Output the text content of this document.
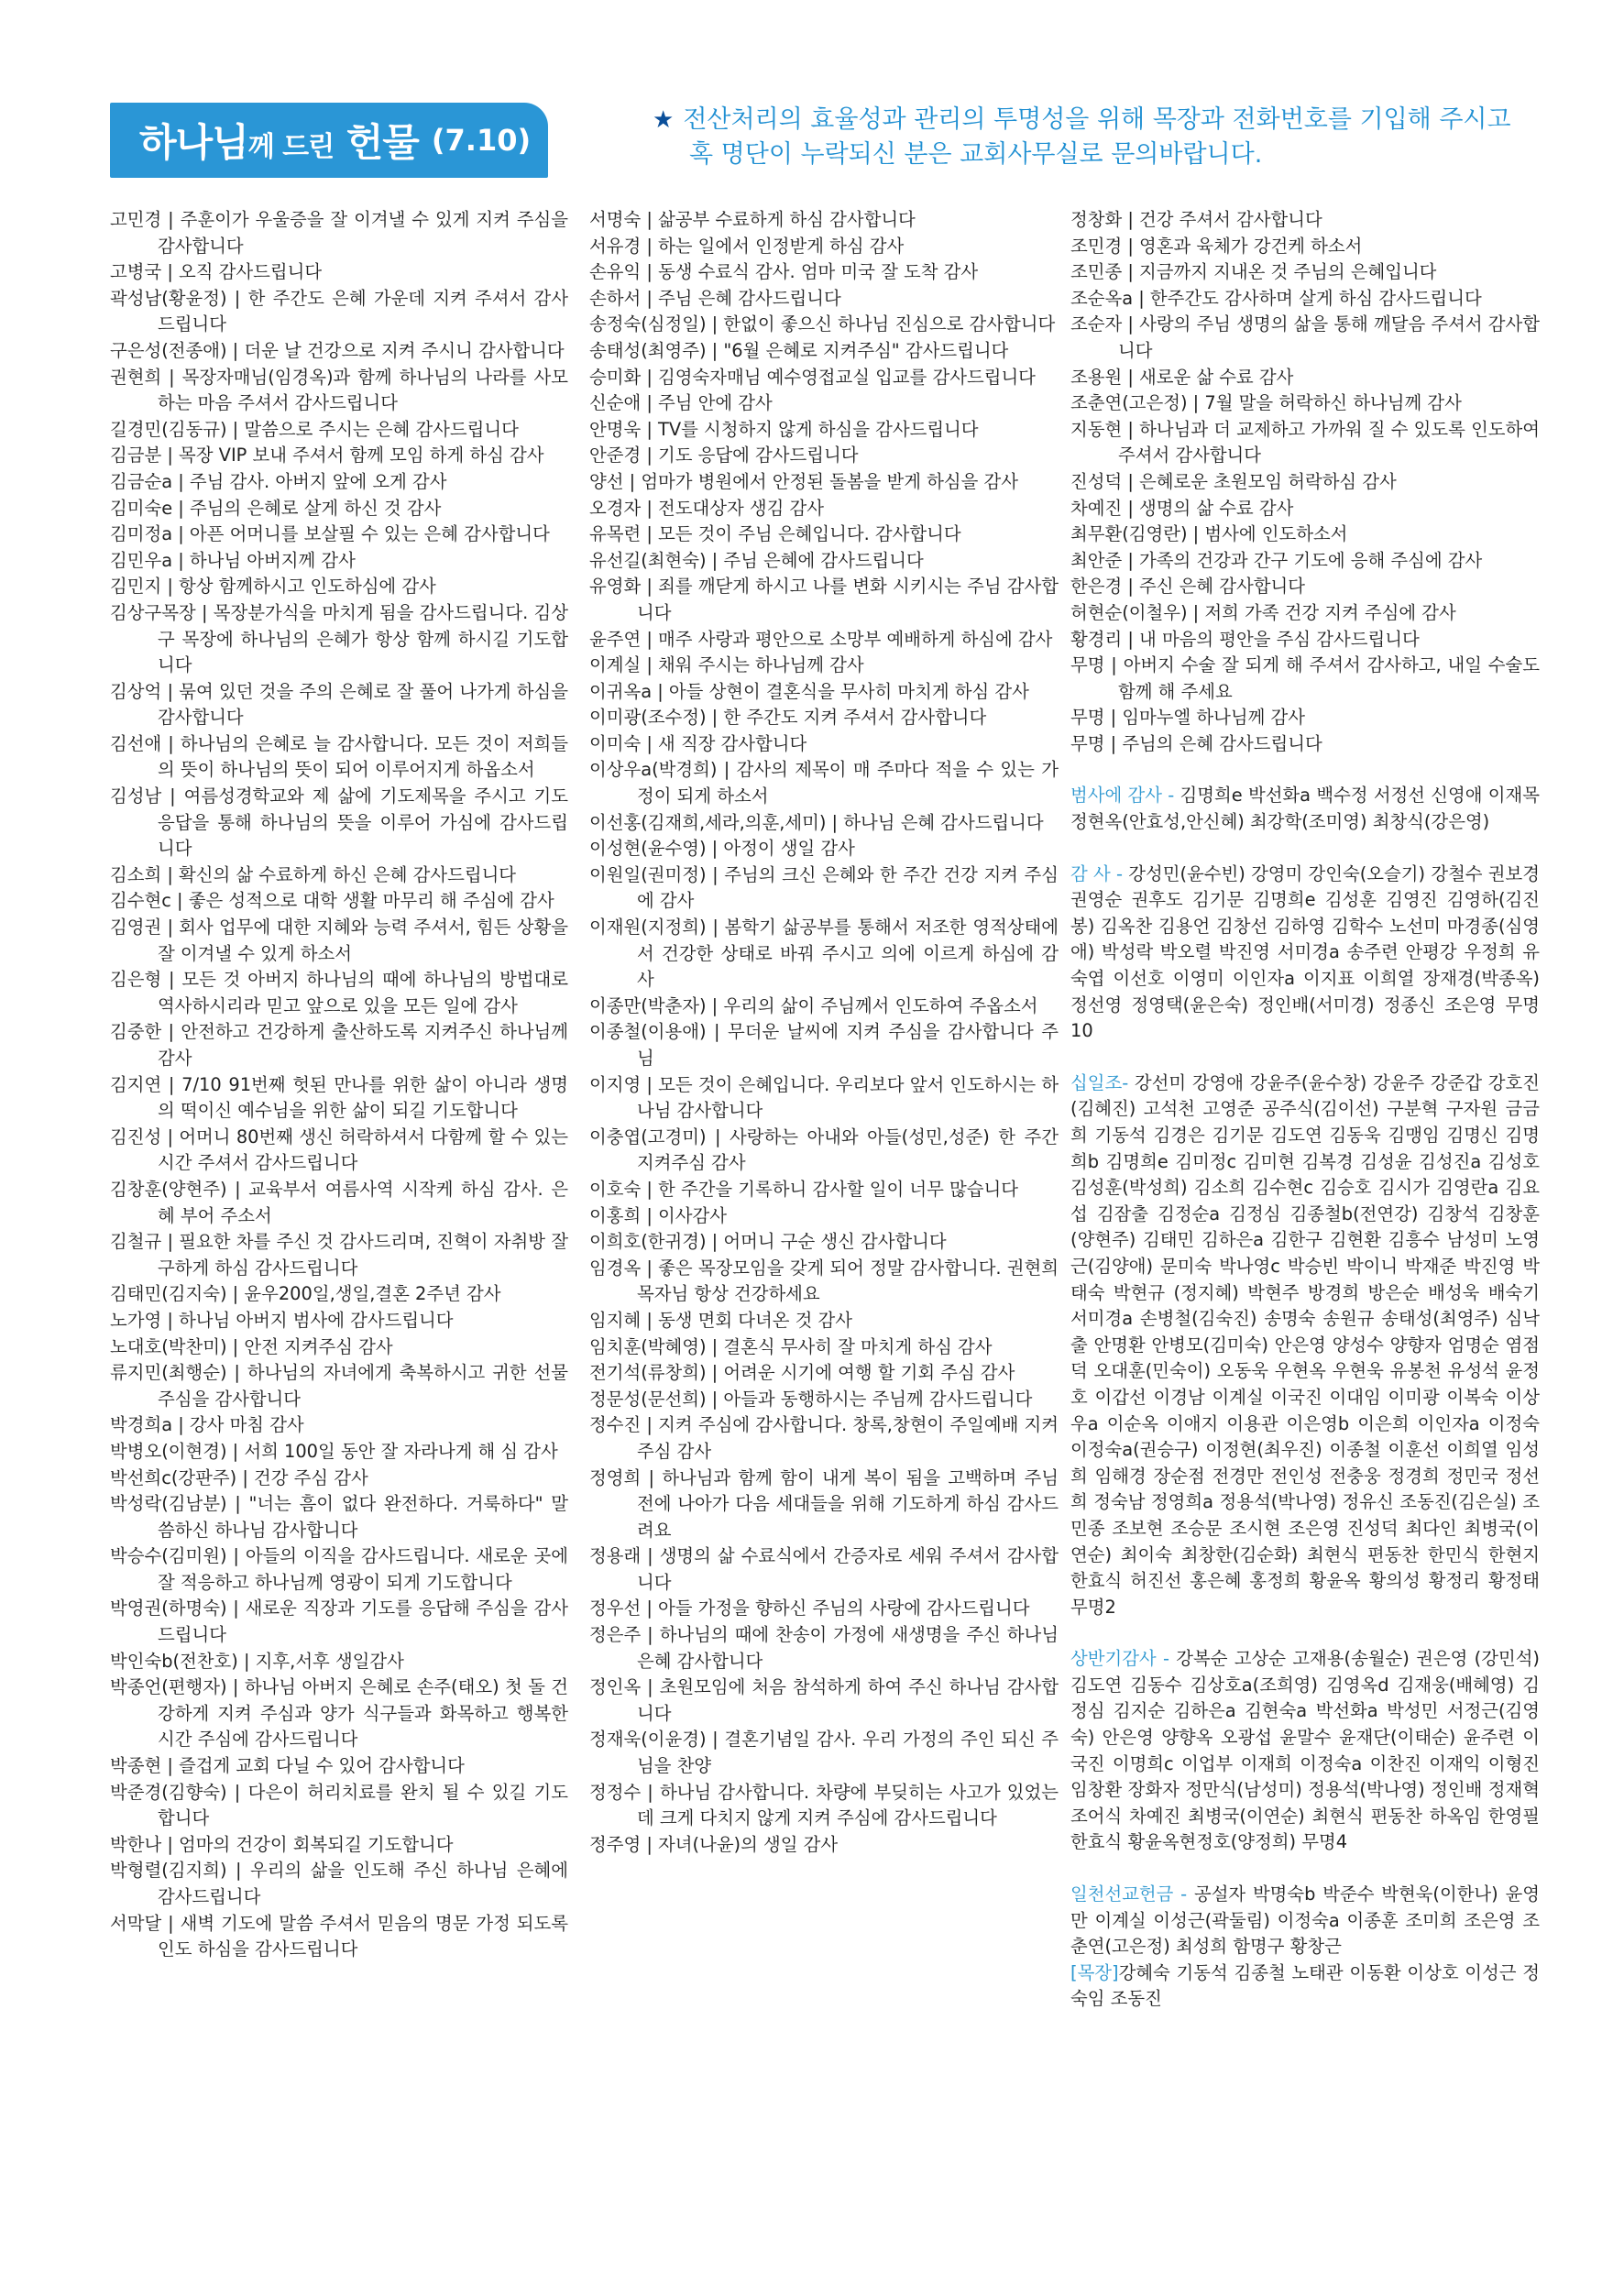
하나님께 드린 헌물 (7.10)
★ 전산처리의 효율성과 관리의 투명성을 위해 목장과 전화번호를 기입해 주시고
혹 명단이 누락되신 분은 교회사무실로 문의바랍니다.
고민경 | 주훈이가 우울증을 잘 이겨낼 수 있게 지켜 주심을 감사합니다
고병국 | 오직 감사드립니다
곽성남(황윤정) | 한 주간도 은혜 가운데 지켜 주셔서 감사드립니다
구은성(전종애) | 더운 날 건강으로 지켜 주시니 감사합니다
권현희 | 목장자매님(임경옥)과 함께 하나님의 나라를 사모하는 마음 주셔서 감사드립니다
길경민(김동규) | 말씀으로 주시는 은혜 감사드립니다
김금분 | 목장 VIP 보내 주셔서 함께 모임 하게 하심 감사
김금순a | 주님 감사. 아버지 앞에 오게 감사
김미숙e | 주님의 은혜로 살게 하신 것 감사
김미정a | 아픈 어머니를 보살필 수 있는 은혜 감사합니다
김민우a | 하나님 아버지께 감사
김민지 | 항상 함께하시고 인도하심에 감사
김상구목장 | 목장분가식을 마치게 됨을 감사드립니다. 김상구 목장에 하나님의 은혜가 항상 함께 하시길 기도합니다
김상억 | 묶여 있던 것을 주의 은혜로 잘 풀어 나가게 하심을 감사합니다
김선애 | 하나님의 은혜로 늘 감사합니다. 모든 것이 저희들의 뜻이 하나님의 뜻이 되어 이루어지게 하옵소서
김성남 | 여름성경학교와 제 삶에 기도제목을 주시고 기도 응답을 통해 하나님의 뜻을 이루어 가심에 감사드립니다
김소희 | 확신의 삶 수료하게 하신 은혜 감사드립니다
김수현c | 좋은 성적으로 대학 생활 마무리 해 주심에 감사
김영권 | 회사 업무에 대한 지혜와 능력 주셔서, 힘든 상황을 잘 이겨낼 수 있게 하소서
김은형 | 모든 것 아버지 하나님의 때에 하나님의 방법대로 역사하시리라 믿고 앞으로 있을 모든 일에 감사
김중한 | 안전하고 건강하게 출산하도록 지켜주신 하나님께 감사
김지연 | 7/10 91번째 헛된 만나를 위한 삶이 아니라 생명의 떡이신 예수님을 위한 삶이 되길 기도합니다
김진성 | 어머니 80번째 생신 허락하셔서 다함께 할 수 있는 시간 주셔서 감사드립니다
김창훈(양현주) | 교육부서 여름사역 시작케 하심 감사. 은혜 부어 주소서
김철규 | 필요한 차를 주신 것 감사드리며, 진혁이 자취방 잘 구하게 하심 감사드립니다
김태민(김지숙) | 윤우200일,생일,결혼 2주년 감사
노가영 | 하나님 아버지 범사에 감사드립니다
노대호(박찬미) | 안전 지켜주심 감사
류지민(최행순) | 하나님의 자녀에게 축복하시고 귀한 선물 주심을 감사합니다
박경희a | 강사 마침 감사
박병오(이현경) | 서희 100일 동안 잘 자라나게 해 심 감사
박선희c(강판주) | 건강 주심 감사
박성락(김남분) | "너는 흠이 없다 완전하다. 거룩하다" 말씀하신 하나님 감사합니다
박승수(김미원) | 아들의 이직을 감사드립니다. 새로운 곳에 잘 적응하고 하나님께 영광이 되게 기도합니다
박영권(하명숙) | 새로운 직장과 기도를 응답해 주심을 감사드립니다
박인숙b(전찬호) | 지후,서후 생일감사
박종언(편행자) | 하나님 아버지 은혜로 손주(태오) 첫 돌 건강하게 지켜 주심과 양가 식구들과 화목하고 행복한 시간 주심에 감사드립니다
박종현 | 즐겁게 교회 다닐 수 있어 감사합니다
박준경(김향숙) | 다은이 허리치료를 완치 될 수 있길 기도합니다
박한나 | 엄마의 건강이 회복되길 기도합니다
박형렬(김지희) | 우리의 삶을 인도해 주신 하나님 은혜에 감사드립니다
서막달 | 새벽 기도에 말씀 주셔서 믿음의 명문 가정 되도록 인도 하심을 감사드립니다
서명숙 | 삶공부 수료하게 하심 감사합니다
서유경 | 하는 일에서 인정받게 하심 감사
손유익 | 동생 수료식 감사. 엄마 미국 잘 도착 감사
손하서 | 주님 은혜 감사드립니다
송정숙(심정일) | 한없이 좋으신 하나님 진심으로 감사합니다
송태성(최영주) | "6월 은혜로 지켜주심" 감사드립니다
승미화 | 김영숙자매님 예수영접교실 입교를 감사드립니다
신순애 | 주님 안에 감사
안명욱 | TV를 시청하지 않게 하심을 감사드립니다
안준경 | 기도 응답에 감사드립니다
양선 | 엄마가 병원에서 안정된 돌봄을 받게 하심을 감사
오경자 | 전도대상자 생김 감사
유목련 | 모든 것이 주님 은혜입니다. 감사합니다
유선길(최현숙) | 주님 은혜에 감사드립니다
유영화 | 죄를 깨닫게 하시고 나를 변화 시키시는 주님 감사합니다
윤주연 | 매주 사랑과 평안으로 소망부 예배하게 하심에 감사
이계실 | 채워 주시는 하나님께 감사
이귀옥a | 아들 상현이 결혼식을 무사히 마치게 하심 감사
이미광(조수정) | 한 주간도 지켜 주셔서 감사합니다
이미숙 | 새 직장 감사합니다
이상우a(박경희) | 감사의 제목이 매 주마다 적을 수 있는 가정이 되게 하소서
이선홍(김재희,세라,의훈,세미) | 하나님 은혜 감사드립니다
이성현(윤수영) | 아정이 생일 감사
이원일(권미정) | 주님의 크신 은혜와 한 주간 건강 지켜 주심에 감사
이재원(지정희) | 봄학기 삶공부를 통해서 저조한 영적상태에서 건강한 상태로 바꿔 주시고 의에 이르게 하심에 감사
이종만(박춘자) | 우리의 삶이 주님께서 인도하여 주옵소서
이종철(이용애) | 무더운 날씨에 지켜 주심을 감사합니다 주님
이지영 | 모든 것이 은혜입니다. 우리보다 앞서 인도하시는 하나님 감사합니다
이충엽(고경미) | 사랑하는 아내와 아들(성민,성준) 한 주간 지켜주심 감사
이호숙 | 한 주간을 기록하니 감사할 일이 너무 많습니다
이홍희 | 이사감사
이희호(한귀경) | 어머니 구순 생신 감사합니다
임경옥 | 좋은 목장모임을 갖게 되어 정말 감사합니다. 권현희 목자님 항상 건강하세요
임지혜 | 동생 면회 다녀온 것 감사
임치훈(박혜영) | 결혼식 무사히 잘 마치게 하심 감사
전기석(류창희) | 어려운 시기에 여행 할 기회 주심 감사
정문성(문선희) | 아들과 동행하시는 주님께 감사드립니다
정수진 | 지켜 주심에 감사합니다. 창록,창현이 주일예배 지켜 주심 감사
정영희 | 하나님과 함께 함이 내게 복이 됨을 고백하며 주님 전에 나아가 다음 세대들을 위해 기도하게 하심 감사드려요
정용래 | 생명의 삶 수료식에서 간증자로 세워 주셔서 감사합니다
정우선 | 아들 가정을 향하신 주님의 사랑에 감사드립니다
정은주 | 하나님의 때에 찬송이 가정에 새생명을 주신 하나님은혜 감사합니다
정인옥 | 초원모임에 처음 참석하게 하여 주신 하나님 감사합니다
정재욱(이윤경) | 결혼기념일 감사. 우리 가정의 주인 되신 주님을 찬양
정정수 | 하나님 감사합니다. 차량에 부딪히는 사고가 있었는데 크게 다치지 않게 지켜 주심에 감사드립니다
정주영 | 자녀(나윤)의 생일 감사
정창화 | 건강 주셔서 감사합니다
조민경 | 영혼과 육체가 강건케 하소서
조민종 | 지금까지 지내온 것 주님의 은혜입니다
조순옥a | 한주간도 감사하며 살게 하심 감사드립니다
조순자 | 사랑의 주님 생명의 삶을 통해 깨달음 주셔서 감사합니다
조용원 | 새로운 삶 수료 감사
조춘연(고은정) | 7월 말을 허락하신 하나님께 감사
지동현 | 하나님과 더 교제하고 가까워 질 수 있도록 인도하여 주셔서 감사합니다
진성덕 | 은혜로운 초원모임 허락하심 감사
차예진 | 생명의 삶 수료 감사
최무환(김영란) | 범사에 인도하소서
최안준 | 가족의 건강과 간구 기도에 응해 주심에 감사
한은경 | 주신 은혜 감사합니다
허현순(이철우) | 저희 가족 건강 지켜 주심에 감사
황경리 | 내 마음의 평안을 주심 감사드립니다
무명 | 아버지 수술 잘 되게 해 주셔서 감사하고, 내일 수술도 함께 해 주세요
무명 | 임마누엘 하나님께 감사
무명 | 주님의 은혜 감사드립니다
범사에 감사 - 김명희e 박선화a 백수정 서정선 신영애 이재목 정현옥(안효성,안신혜) 최강학(조미영) 최창식(강은영)
감 사 - 강성민(윤수빈) 강영미 강인숙(오슬기) 강철수 권보경 권영순 권후도 김기문 김명희e 김성훈 김영진 김영하(김진봉) 김옥찬 김용언 김창선 김하영 김학수 노선미 마경종(심영애) 박성락 박오렬 박진영 서미경a 송주련 안평강 우정희 유숙엽 이선호 이영미 이인자a 이지표 이희열 장재경(박종옥) 정선영 정영택(윤은숙) 정인배(서미경) 정종신 조은영 무명10
십일조- 강선미 강영애 강윤주(윤수창) 강윤주 강준갑 강호진(김혜진) 고석천 고영준 공주식(김이선) 구분혁 구자원 금금희 기동석 김경은 김기문 김도연 김동욱 김맹임 김명신 김명희b 김명희e 김미정c 김미현 김복경 김성윤 김성진a 김성호 김성훈(박성희) 김소희 김수현c 김승호 김시가 김영란a 김요섭 김잠출 김정순a 김정심 김종철b(전연강) 김창석 김창훈(양현주) 김태민 김하은a 김한구 김현환 김흥수 남성미 노영근(김양애) 문미숙 박나영c 박승빈 박이니 박재준 박진영 박태숙 박현규 (정지혜) 박현주 방경희 방은순 배성욱 배숙기 서미경a 손병철(김숙진) 송명숙 송원규 송태성(최영주) 심낙출 안명환 안병모(김미숙) 안은영 양성수 양향자 엄명순 염점덕 오대훈(민숙이) 오동욱 우현옥 우현욱 유봉천 유성석 윤정호 이갑선 이경남 이계실 이국진 이대임 이미광 이복숙 이상우a 이순옥 이애지 이용관 이은영b 이은희 이인자a 이정숙 이정숙a(권승구) 이정현(최우진) 이종철 이훈선 이희열 임성희 임해경 장순점 전경만 전인성 전충웅 정경희 정민국 정선희 정숙남 정영희a 정용석(박나영) 정유신 조동진(김은실) 조민종 조보현 조승문 조시현 조은영 진성덕 최다인 최병국(이연순) 최이숙 최창한(김순화) 최현식 편동찬 한민식 한현지 한효식 허진선 홍은혜 홍정희 황윤옥 황의성 황정리 황정태 무명2
상반기감사 - 강복순 고상순 고재용(송월순) 권은영 (강민석) 김도연 김동수 김상호a(조희영) 김영옥d 김재웅(배혜영) 김정심 김지순 김하은a 김현숙a 박선화a 박성민 서정근(김영숙) 안은영 양향옥 오광섭 윤말수 윤재단(이태순) 윤주련 이국진 이명희c 이업부 이재희 이정숙a 이찬진 이재익 이형진 임창환 장화자 정만식(남성미) 정용석(박나영) 정인배 정재혁 조어식 차예진 최병국(이연순) 최현식 편동찬 하옥임 한영필 한효식 황윤옥현정호(양정희) 무명4
일천선교헌금 - 공설자 박명숙b 박준수 박현욱(이한나) 윤영만 이계실 이성근(곽둘림) 이정숙a 이종훈 조미희 조은영 조춘연(고은정) 최성희 함명구 황창근
[목장]강혜숙 기동석 김종철 노태관 이동환 이상호 이성근 정숙임 조동진
